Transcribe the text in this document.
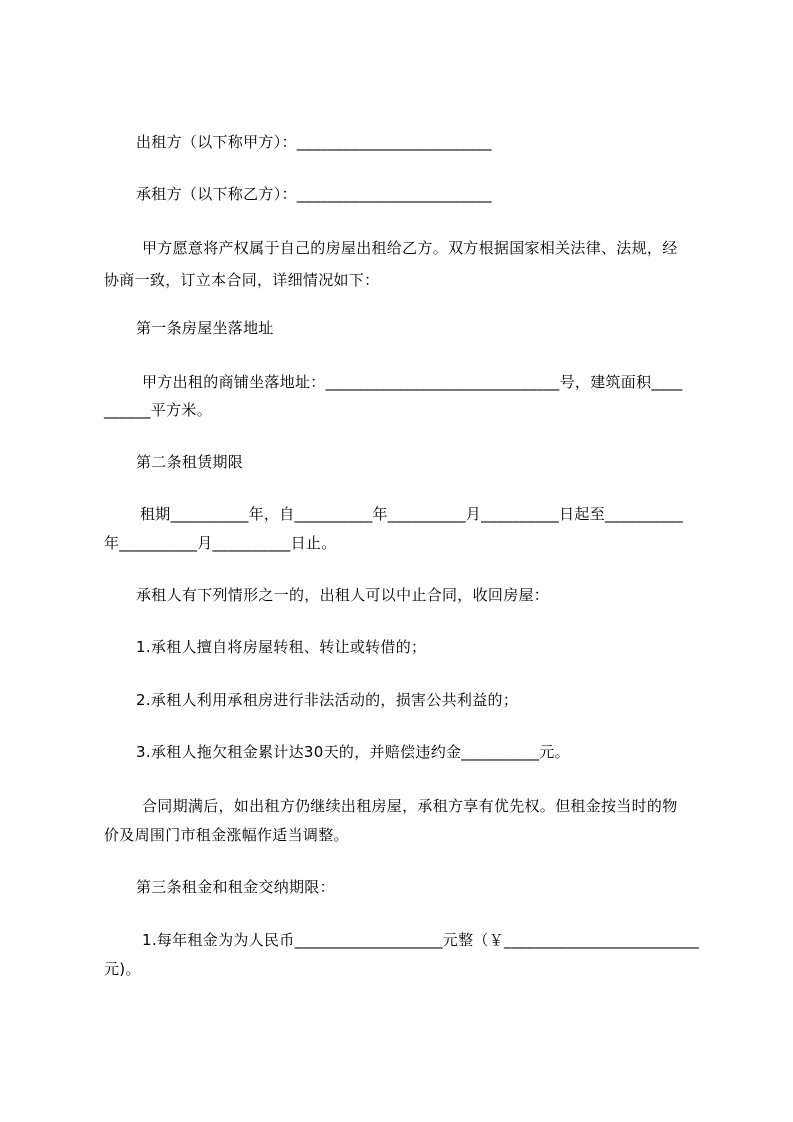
出租方（以下称甲方）：_________________________
承租方（以下称乙方）：_________________________
甲方愿意将产权属于自己的房屋出租给乙方。双方根据国家相关法律、法规，经
协商一致，订立本合同，详细情况如下：
第一条房屋坐落地址
甲方出租的商铺坐落地址：______________________________号，建筑面积____
______平方米。
第二条租赁期限
租期__________年，自__________年__________月__________日起至__________
年__________月__________日止。
承租人有下列情形之一的，出租人可以中止合同，收回房屋：
1.承租人擅自将房屋转租、转让或转借的；
2.承租人利用承租房进行非法活动的，损害公共利益的；
3.承租人拖欠租金累计达30天的，并赔偿违约金__________元。
合同期满后，如出租方仍继续出租房屋，承租方享有优先权。但租金按当时的物
价及周围门市租金涨幅作适当调整。
第三条租金和租金交纳期限：
1.每年租金为为人民币___________________元整（￥_________________________
元)。
